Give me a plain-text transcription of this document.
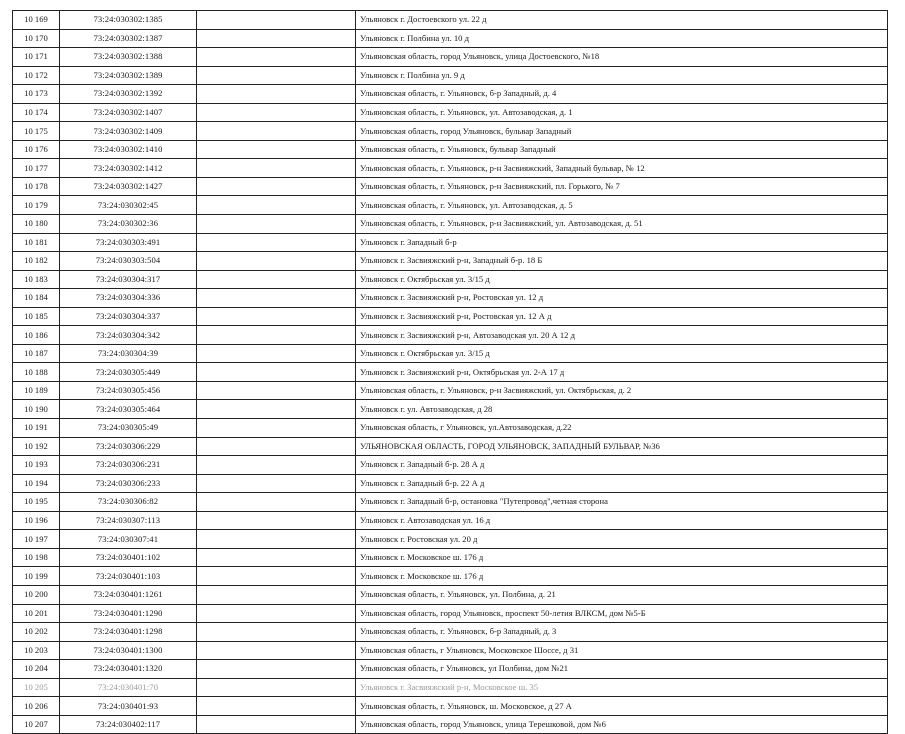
10 169	73:24:030302:1385		Ульяновск г. Достоевского ул. 22 д
10 170	73:24:030302:1387		Ульяновск г. Полбина ул. 10 д
10 171	73:24:030302:1388		Ульяновская область, город Ульяновск, улица Достоевского, №18
10 172	73:24:030302:1389		Ульяновск г. Полбина ул. 9 д
10 173	73:24:030302:1392		Ульяновская область, г. Ульяновск, б-р Западный, д. 4
10 174	73:24:030302:1407		Ульяновская область, г. Ульяновск, ул. Автозаводская, д. 1
10 175	73:24:030302:1409		Ульяновская область, город Ульяновск, бульвар Западный
10 176	73:24:030302:1410		Ульяновская область, г. Ульяновск, бульвар Западный
10 177	73:24:030302:1412		Ульяновская область, г. Ульяновск, р-н Засвияжский, Западный бульвар, № 12
10 178	73:24:030302:1427		Ульяновская область, г. Ульяновск, р-н Засвияжский, пл. Горького, № 7
10 179	73:24:030302:45		Ульяновская область, г. Ульяновск, ул. Автозаводская, д. 5
10 180	73:24:030302:36		Ульяновская область, г. Ульяновск, р-н Засвияжский, ул. Автозаводская, д. 51
10 181	73:24:030303:491		Ульяновск г. Западный б-р
10 182	73:24:030303:504		Ульяновск г. Засвияжский р-н, Западный б-р. 18 Б
10 183	73:24:030304:317		Ульяновск г. Октябрьская ул. 3/15 д
10 184	73:24:030304:336		Ульяновск г. Засвияжский р-н, Ростовская ул. 12 д
10 185	73:24:030304:337		Ульяновск г. Засвияжский р-н, Ростовская ул. 12 А д
10 186	73:24:030304:342		Ульяновск г. Засвияжский р-н, Автозаводская ул. 20 А 12 д
10 187	73:24:030304:39		Ульяновск г. Октябрьская ул. 3/15 д
10 188	73:24:030305:449		Ульяновск г. Засвияжский р-н, Октябрьская ул. 2-А 17 д
10 189	73:24:030305:456		Ульяновская область, г. Ульяновск, р-н Засвияжский, ул. Октябрьская, д. 2
10 190	73:24:030305:464		Ульяновск г. ул. Автозаводская, д 28
10 191	73:24:030305:49		Ульяновская область, г Ульяновск, ул.Автозаводская, д.22
10 192	73:24:030306:229		УЛЬЯНОВСКАЯ ОБЛАСТЬ, ГОРОД УЛЬЯНОВСК, ЗАПАДНЫЙ БУЛЬВАР, №36
10 193	73:24:030306:231		Ульяновск г. Западный б-р. 28 А д
10 194	73:24:030306:233		Ульяновск г. Западный б-р. 22 А д
10 195	73:24:030306:82		Ульяновск г. Западный б-р, остановка "Путепровод",четная сторона
10 196	73:24:030307:113		Ульяновск г. Автозаводская ул. 16 д
10 197	73:24:030307:41		Ульяновск г. Ростовская ул. 20 д
10 198	73:24:030401:102		Ульяновск г. Московское ш. 176 д
10 199	73:24:030401:103		Ульяновск г. Московское ш. 176 д
10 200	73:24:030401:1261		Ульяновская область, г. Ульяновск, ул. Полбина, д. 21
10 201	73:24:030401:1290		Ульяновская область, город Ульяновск, проспект 50-летия ВЛКСМ, дом №5-Б
10 202	73:24:030401:1298		Ульяновская область, г. Ульяновск, б-р Западный, д. 3
10 203	73:24:030401:1300		Ульяновская область, г Ульяновск, Московское Шоссе, д 31
10 204	73:24:030401:1320		Ульяновская область, г Ульяновск, ул Полбина, дом №21
10 205	73:24:030401:70		Ульяновск г. Засвияжский р-н, Московское ш. 35
10 206	73:24:030401:93		Ульяновская область, г. Ульяновск, ш. Московское, д 27 А
10 207	73:24:030402:117		Ульяновская область, город Ульяновск, улица Терешковой, дом №6
